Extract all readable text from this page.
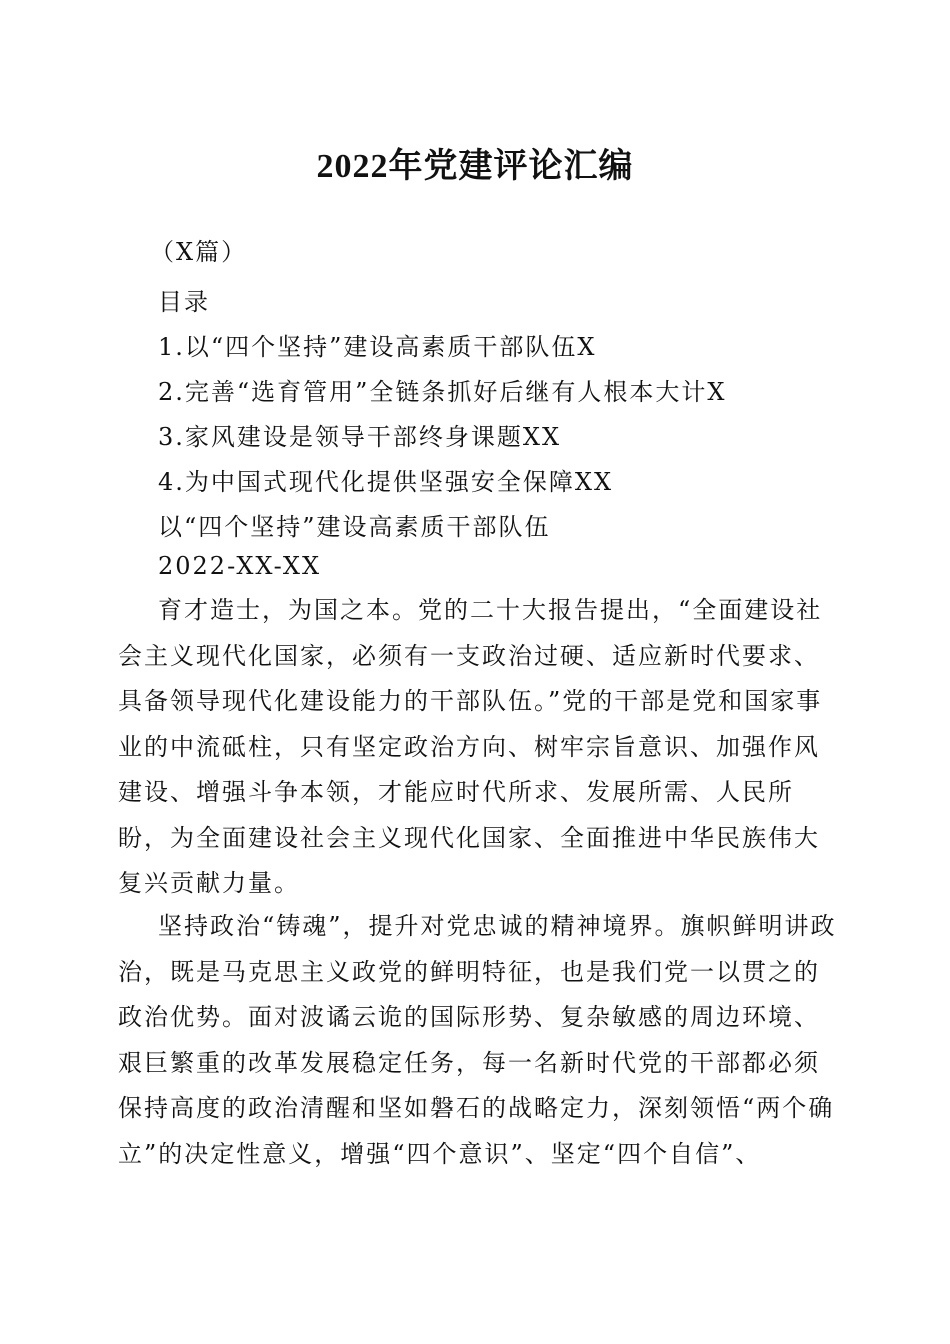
2022年党建评论汇编

（X篇）

目录

1.以“四个坚持”建设高素质干部队伍X

2.完善“选育管用”全链条抓好后继有人根本大计X

3.家风建设是领导干部终身课题XX

4.为中国式现代化提供坚强安全保障XX

以“四个坚持”建设高素质干部队伍

2022-XX-XX

育才造士，为国之本。党的二十大报告提出，“全面建设社会主义现代化国家，必须有一支政治过硬、适应新时代要求、具备领导现代化建设能力的干部队伍。”党的干部是党和国家事业的中流砥柱，只有坚定政治方向、树牢宗旨意识、加强作风建设、增强斗争本领，才能应时代所求、发展所需、人民所盼，为全面建设社会主义现代化国家、全面推进中华民族伟大复兴贡献力量。

坚持政治“铸魂”，提升对党忠诚的精神境界。旗帜鲜明讲政治，既是马克思主义政党的鲜明特征，也是我们党一以贯之的政治优势。面对波谲云诡的国际形势、复杂敏感的周边环境、艰巨繁重的改革发展稳定任务，每一名新时代党的干部都必须保持高度的政治清醒和坚如磐石的战略定力，深刻领悟“两个确立”的决定性意义，增强“四个意识”、坚定“四个自信”、
